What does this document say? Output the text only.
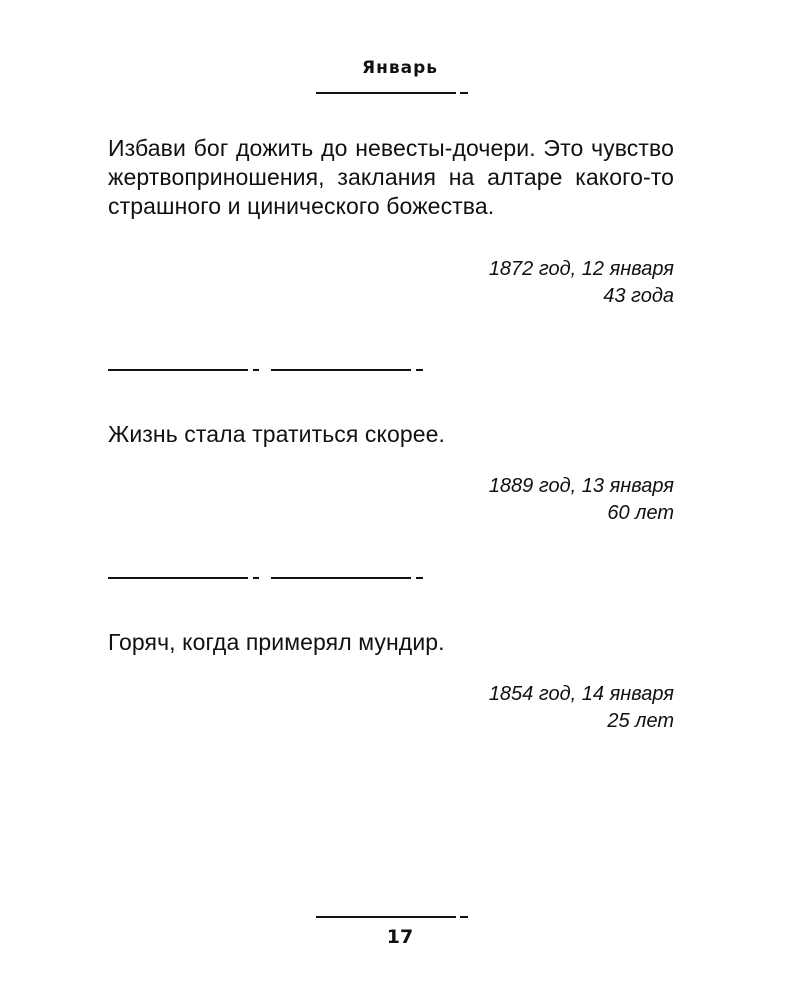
Январь

Избави бог дожить до невесты-дочери. Это чувство жертвоприношения, заклания на алтаре какого-то страшного и цинического божества.

1872 год, 12 января
43 года

Жизнь стала тратиться скорее.

1889 год, 13 января
60 лет

Горяч, когда примерял мундир.

1854 год, 14 января
25 лет
17
